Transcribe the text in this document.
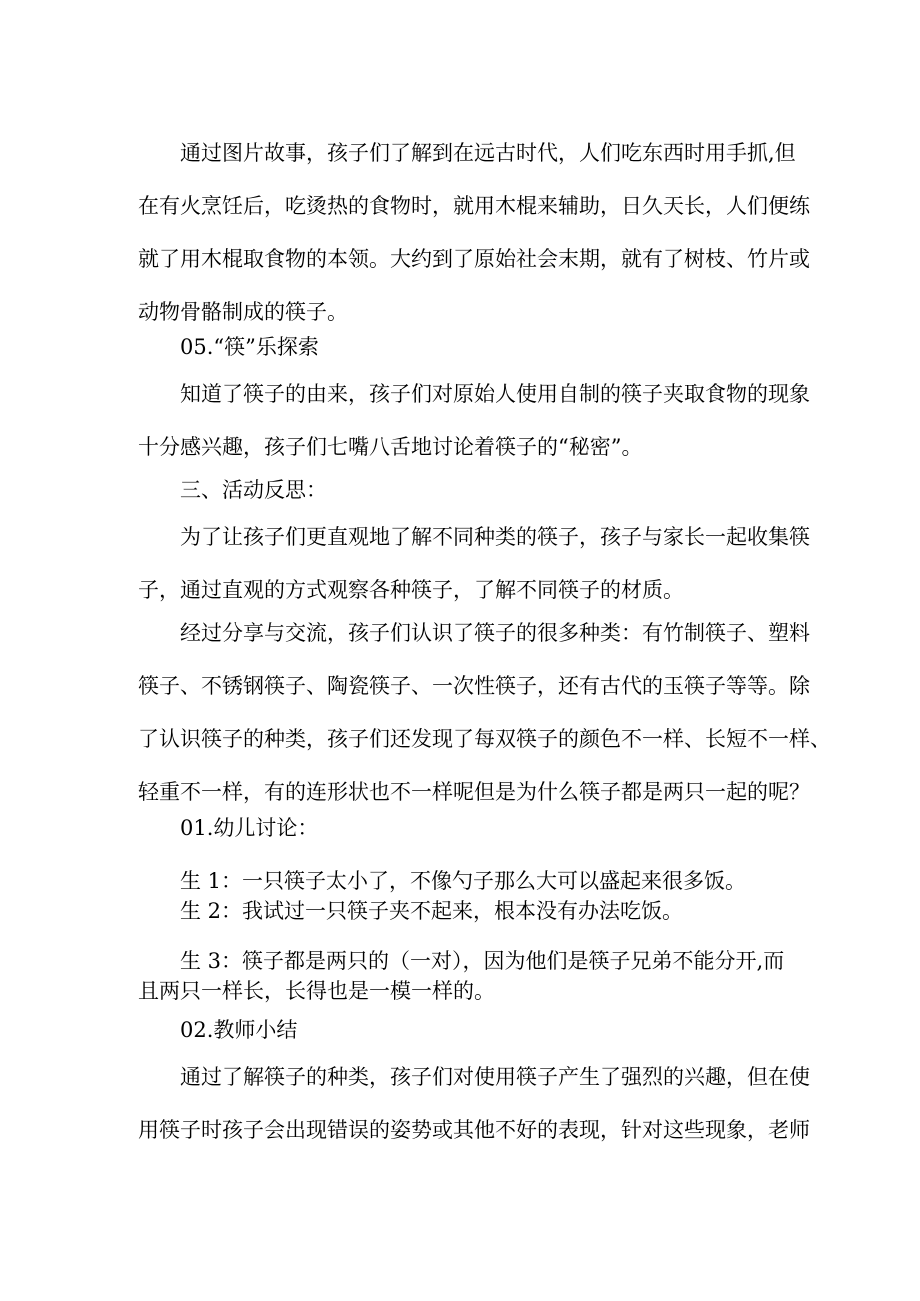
通过图片故事，孩子们了解到在远古时代，人们吃东西时用手抓,但
在有火烹饪后，吃烫热的食物时，就用木棍来辅助，日久天长，人们便练
就了用木棍取食物的本领。大约到了原始社会末期，就有了树枝、竹片或
动物骨骼制成的筷子。
05.“筷”乐探索
知道了筷子的由来，孩子们对原始人使用自制的筷子夹取食物的现象
十分感兴趣，孩子们七嘴八舌地讨论着筷子的“秘密”。
三、活动反思：
为了让孩子们更直观地了解不同种类的筷子，孩子与家长一起收集筷
子，通过直观的方式观察各种筷子，了解不同筷子的材质。
经过分享与交流，孩子们认识了筷子的很多种类：有竹制筷子、塑料
筷子、不锈钢筷子、陶瓷筷子、一次性筷子，还有古代的玉筷子等等。除
了认识筷子的种类，孩子们还发现了每双筷子的颜色不一样、长短不一样、
轻重不一样，有的连形状也不一样呢但是为什么筷子都是两只一起的呢？
01.幼儿讨论：
生 1：一只筷子太小了，不像勺子那么大可以盛起来很多饭。
生 2：我试过一只筷子夹不起来，根本没有办法吃饭。
生 3：筷子都是两只的（一对），因为他们是筷子兄弟不能分开,而
且两只一样长，长得也是一模一样的。
02.教师小结
通过了解筷子的种类，孩子们对使用筷子产生了强烈的兴趣，但在使
用筷子时孩子会出现错误的姿势或其他不好的表现，针对这些现象，老师
